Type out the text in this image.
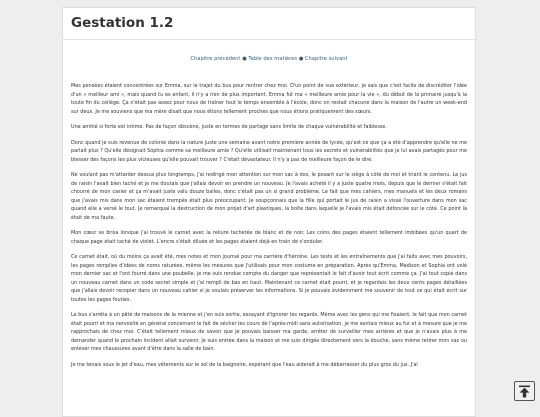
Gestation 1.2
Chapitre précédent ● Table des matières ● Chapitre suivant

Mes pensées étaient concentrées sur Emma, sur le trajet du bus pour rentrer chez moi. D'un point de vue extérieur, je sais que c'est facile de discréditer l'idée d'un « meilleur ami », mais quand tu es enfant, il n'y a rien de plus important. Emma fut ma « meilleure amie pour la vie », du début de la primaire jusqu'à la toute fin du collège. Ça n'était pas assez pour nous de traîner tout le temps ensemble à l'école, donc on restait chacune dans la maison de l'autre un week-end sur deux. Je me souviens que ma mère disait que nous étions tellement proches que nous étions pratiquement des sœurs.

Une amitié si forte est intime. Pas de façon obscène, juste en termes de partage sans limite de chaque vulnérabilité et faiblesse.

Donc quand je suis revenue de colonie dans la nature juste une semaine avant notre première année de lycée, qu'est-ce que ça a été d'apprendre qu'elle ne me parlait plus ? Qu'elle désignait Sophia comme sa meilleure amie ? Qu'elle utilisait maintenant tous les secrets et vulnérabilités que je lui avais partagés pour me blesser des façons les plus vicieuses qu'elle pouvait trouver ? C'était dévastateur. Il n'y a pas de meilleure façon de le dire.

Ne voulant pas m'attarder dessus plus longtemps, j'ai redirigé mon attention sur mon sac à dos, le posant sur le siège à côté de moi et triant le contenu. Le jus de raisin l'avait bien taché et je me doutais que j'allais devoir en prendre un nouveau. Je l'avais acheté il y a juste quatre mois, depuis que le dernier s'était fait chourré de mon casier et ça m'avait juste valu douze balles, donc c'était pas un si grand problème. Le fait que mes cahiers, mes manuels et les deux romans que j'avais mis dans mon sac étaient trempés était plus préoccupant. Je soupçonnais que la fille qui portait le jus de raisin a vissé l'ouverture dans mon sac quand elle a versé le tout. Je remarquai la destruction de mon projet d'art plastiques, la boîte dans laquelle je l'avais mis était défoncée sur le côté. Ce point là était de ma faute.

Mon cœur se brisa lorsque j'ai trouvé le carnet avec la reliure tachetée de blanc et de noir. Les coins des pages étaient tellement imbibées qu'un quart de chaque page était taché de violet. L'encre s'était diluée et les pages étaient déjà en train de s'onduler.

Ce carnet était, où du moins ça avait été, mes notes et mon journal pour ma carrière d'héroïne. Les tests et les entraînements que j'ai faits avec mes pouvoirs, les pages remplies d'idées de noms raturées, même les mesures que j'utilisais pour mon costume en préparation. Après qu'Emma, Madison et Sophia ont volé mon dernier sac et l'ont fourré dans une poubelle, je me suis rendue compte du danger que représentait le fait d'avoir tout écrit comme ça. J'ai tout copié dans un nouveau carnet dans un code secret simple et j'ai rempli de bas en haut. Maintenant ce carnet était pourri, et je regardais les deux cents pages détaillées que j'allais devoir recopier dans un nouveau cahier si je voulais préserver les informations. Si je pouvais évidemment me souvenir de tout ce qui était écrit sur toutes les pages fouties.

Le bus s'arrêta à un pâté de maisons de la mienne et j'en suis sortie, essayant d'ignorer les regards. Même avec les gens qui me fixaient, le fait que mon carnet était pourri et ma nervosité en général concernant le fait de sécher les cours de l'après-midi sans autorisation, je me sentais mieux au fur et à mesure que je me rapprochais de chez moi. C'était tellement mieux de savoir que je pouvais baisser ma garde, arrêter de surveiller mes arrières et que je n'avais plus à me demander quand le prochain incident allait survenir. Je suis entrée dans la maison et me suis dirigée directement vers la douche, sans même retirer mon sac ou enlever mes chaussures avant d'être dans la salle de bain.

Je me tenais sous le jet d'eau, mes vêtements sur le sol de la baignoire, espérant que l'eau aiderait à me débarrasser du plus gros du jus. J'ai
